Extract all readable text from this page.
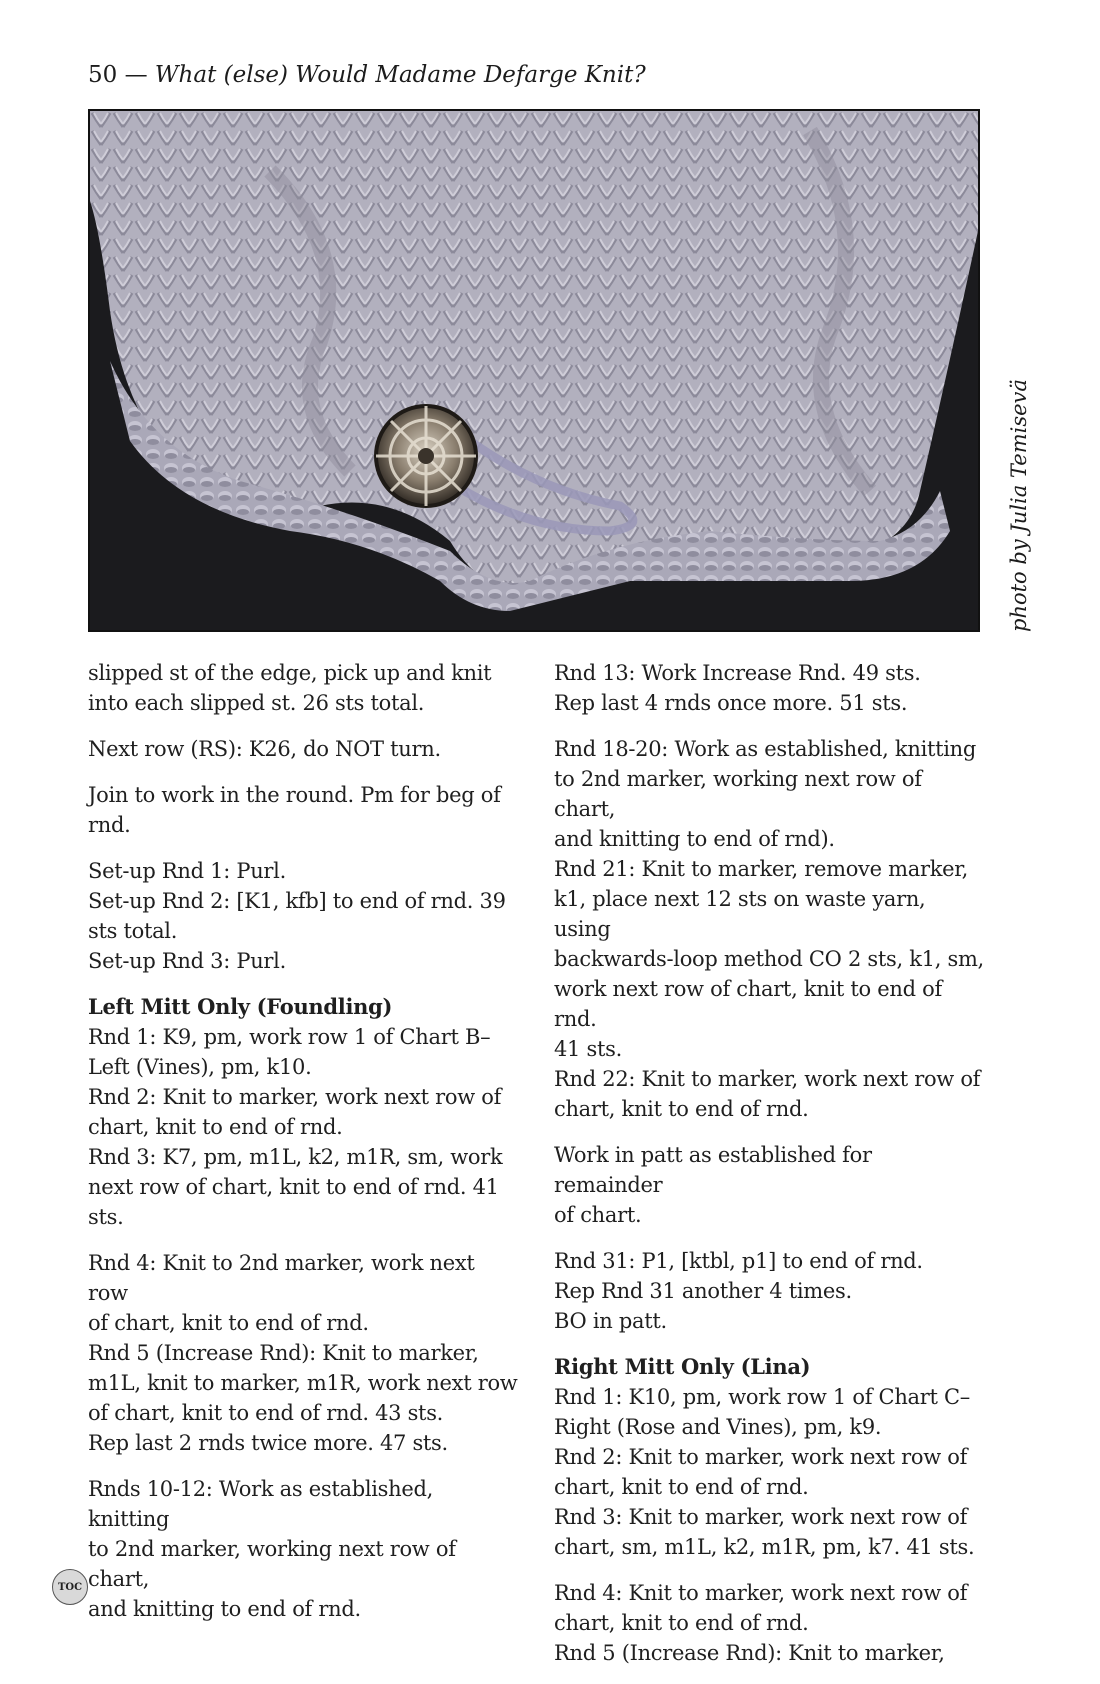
50 — What (else) Would Madame Defarge Knit?
photo by Julia Temisevä

slipped st of the edge, pick up and knit
into each slipped st. 26 sts total.

Next row (RS): K26, do NOT turn.

Join to work in the round. Pm for beg of
rnd.

Set-up Rnd 1: Purl.
Set-up Rnd 2: [K1, kfb] to end of rnd. 39
sts total.
Set-up Rnd 3: Purl.

Left Mitt Only (Foundling)
Rnd 1: K9, pm, work row 1 of Chart B–
Left (Vines), pm, k10.
Rnd 2: Knit to marker, work next row of
chart, knit to end of rnd.
Rnd 3: K7, pm, m1L, k2, m1R, sm, work
next row of chart, knit to end of rnd. 41
sts.

Rnd 4: Knit to 2nd marker, work next row
of chart, knit to end of rnd.
Rnd 5 (Increase Rnd): Knit to marker,
m1L, knit to marker, m1R, work next row
of chart, knit to end of rnd. 43 sts.
Rep last 2 rnds twice more. 47 sts.

Rnds 10-12: Work as established, knitting
to 2nd marker, working next row of chart,
and knitting to end of rnd.

Rnd 13: Work Increase Rnd. 49 sts.
Rep last 4 rnds once more. 51 sts.

Rnd 18-20: Work as established, knitting
to 2nd marker, working next row of chart,
and knitting to end of rnd).
Rnd 21: Knit to marker, remove marker,
k1, place next 12 sts on waste yarn, using
backwards-loop method CO 2 sts, k1, sm,
work next row of chart, knit to end of rnd.
41 sts.
Rnd 22: Knit to marker, work next row of
chart, knit to end of rnd.

Work in patt as established for remainder
of chart.

Rnd 31: P1, [ktbl, p1] to end of rnd.
Rep Rnd 31 another 4 times.
BO in patt.

Right Mitt Only (Lina)
Rnd 1: K10, pm, work row 1 of Chart C–
Right (Rose and Vines), pm, k9.
Rnd 2: Knit to marker, work next row of
chart, knit to end of rnd.
Rnd 3: Knit to marker, work next row of
chart, sm, m1L, k2, m1R, pm, k7. 41 sts.

Rnd 4: Knit to marker, work next row of
chart, knit to end of rnd.
Rnd 5 (Increase Rnd): Knit to marker,

TOC
